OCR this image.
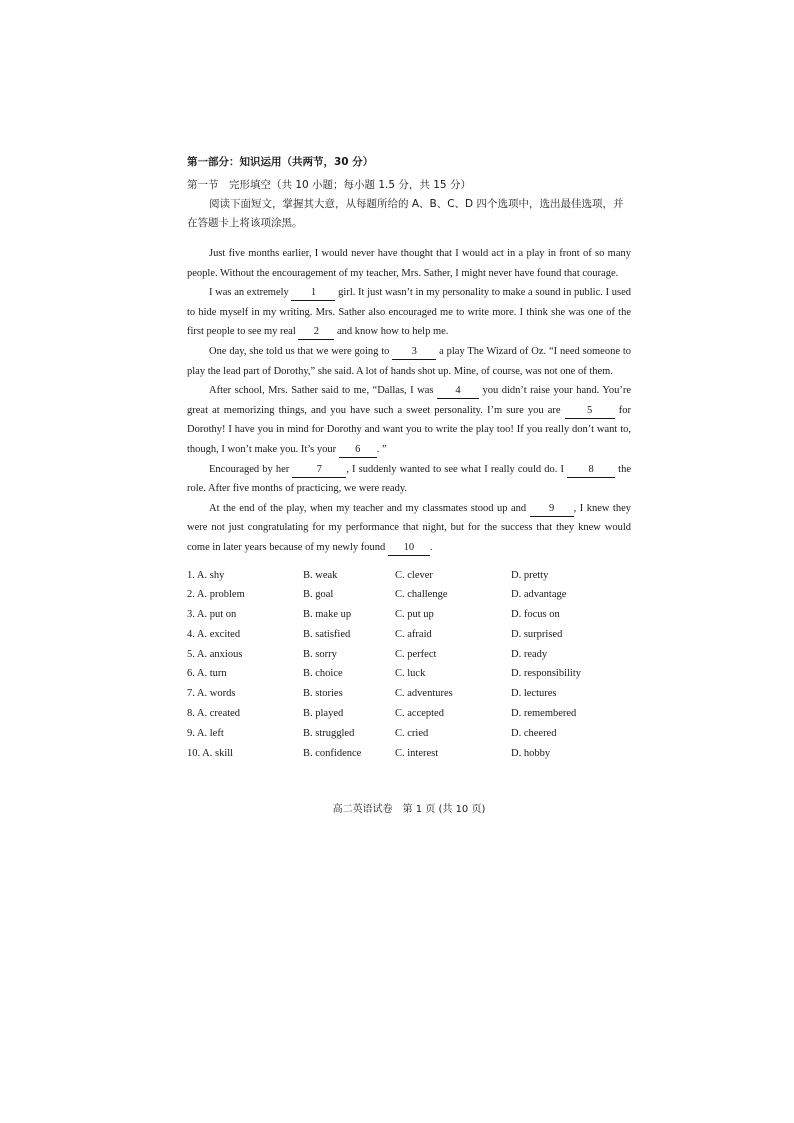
第一部分：知识运用（共两节，30 分）
第一节　完形填空（共 10 小题；每小题 1.5 分，共 15 分）
阅读下面短文，掌握其大意，从每题所给的 A、B、C、D 四个选项中，选出最佳选项，并在答题卡上将该项涂黑。

Just five months earlier, I would never have thought that I would act in a play in front of so many people. Without the encouragement of my teacher, Mrs. Sather, I might never have found that courage.

I was an extremely 1 girl. It just wasn’t in my personality to make a sound in public. I used to hide myself in my writing. Mrs. Sather also encouraged me to write more. I think she was one of the first people to see my real 2 and know how to help me.

One day, she told us that we were going to 3 a play The Wizard of Oz. “I need someone to play the lead part of Dorothy,” she said. A lot of hands shot up. Mine, of course, was not one of them.

After school, Mrs. Sather said to me, “Dallas, I was 4 you didn’t raise your hand. You’re great at memorizing things, and you have such a sweet personality. I’m sure you are	5	for Dorothy! I have you in mind for Dorothy and want you to write the play too! If you really don’t want to, though, I won’t make you. It’s your 6 . ”

Encouraged by her	7 , I suddenly wanted to see what I really could do. I 8 the role. After five months of practicing, we were ready.

At the end of the play, when my teacher and my classmates stood up and 9 , I knew they were not just congratulating for my performance that night, but for the success that they knew would come in later years because of my newly found 10 .

1. A. shy	B. weak	C. clever	D. pretty
2. A. problem	B. goal	C. challenge	D. advantage
3. A. put on	B. make up	C. put up	D. focus on
4. A. excited	B. satisfied	C. afraid	D. surprised
5. A. anxious	B. sorry	C. perfect	D. ready
6. A. turn	B. choice	C. luck	D. responsibility
7. A. words	B. stories	C. adventures	D. lectures
8. A. created	B. played	C. accepted	D. remembered
9. A. left	B. struggled	C. cried	D. cheered
10. A. skill	B. confidence	C. interest	D. hobby
高二英语试卷　第 1 页 (共 10 页)
